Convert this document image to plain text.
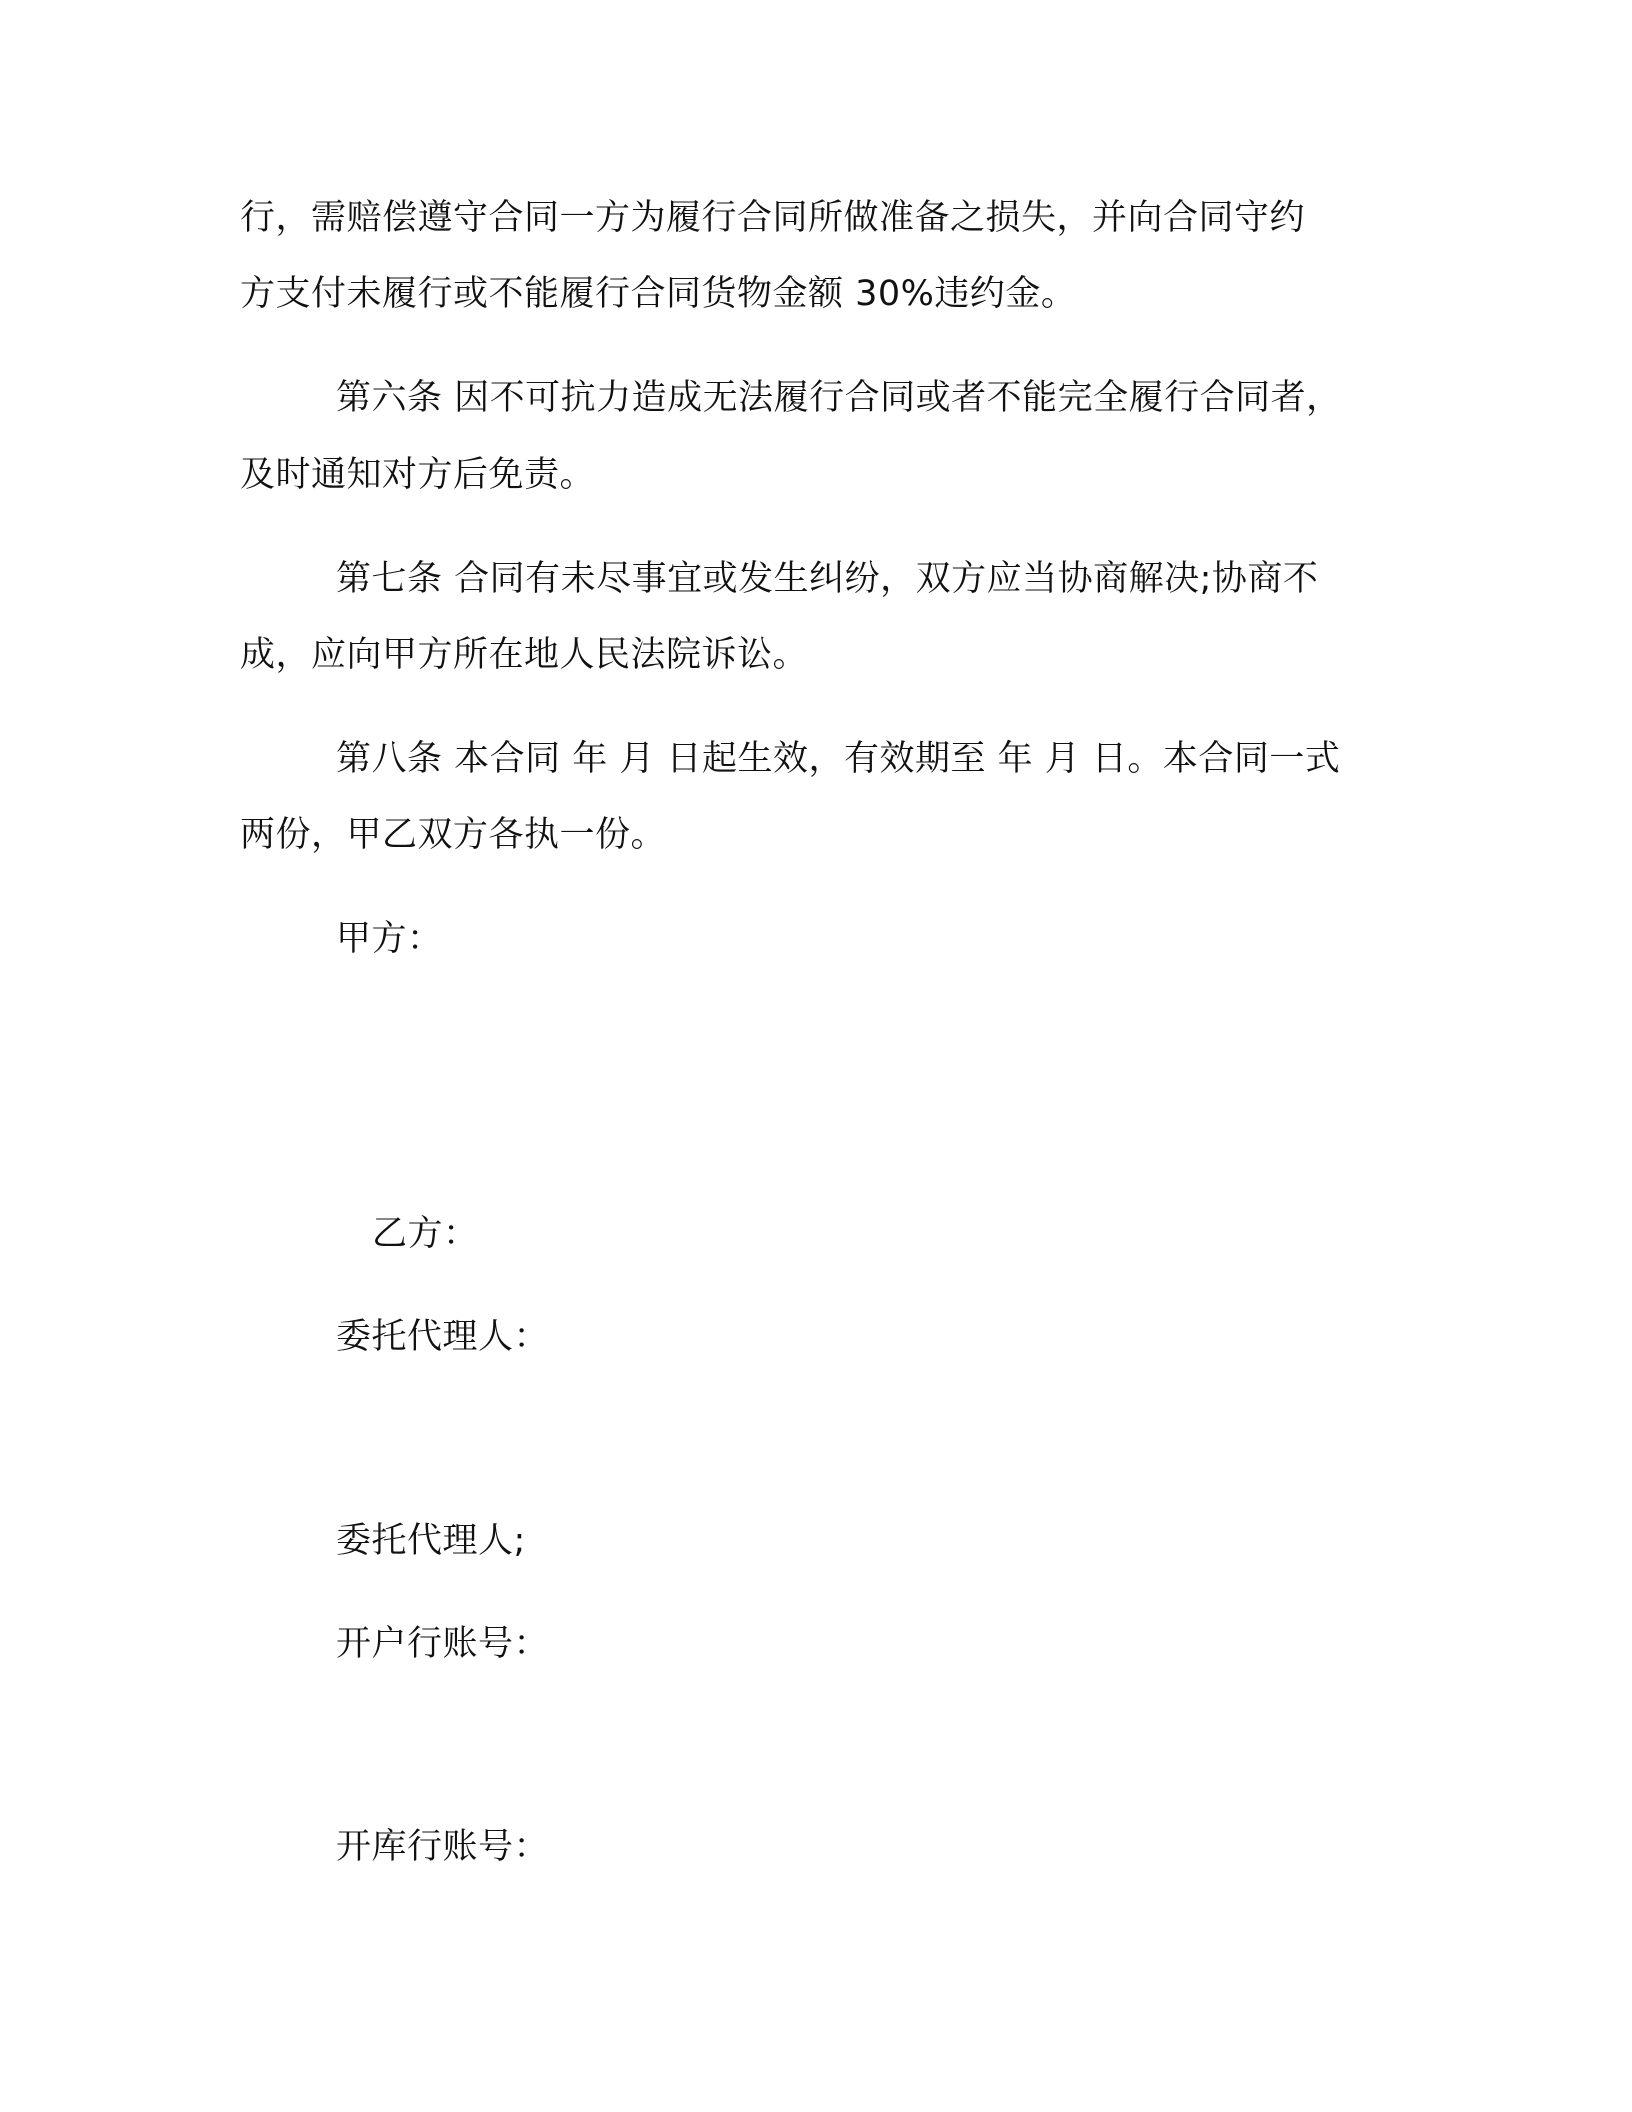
行，需赔偿遵守合同一方为履行合同所做准备之损失，并向合同守约
方支付未履行或不能履行合同货物金额 30%违约金。
第六条 因不可抗力造成无法履行合同或者不能完全履行合同者，
及时通知对方后免责。
第七条 合同有未尽事宜或发生纠纷，双方应当协商解决;协商不
成，应向甲方所在地人民法院诉讼。
第八条 本合同 年 月 日起生效，有效期至 年 月 日。本合同一式
两份，甲乙双方各执一份。
甲方：
乙方：
委托代理人：
委托代理人;
开户行账号：
开库行账号：
